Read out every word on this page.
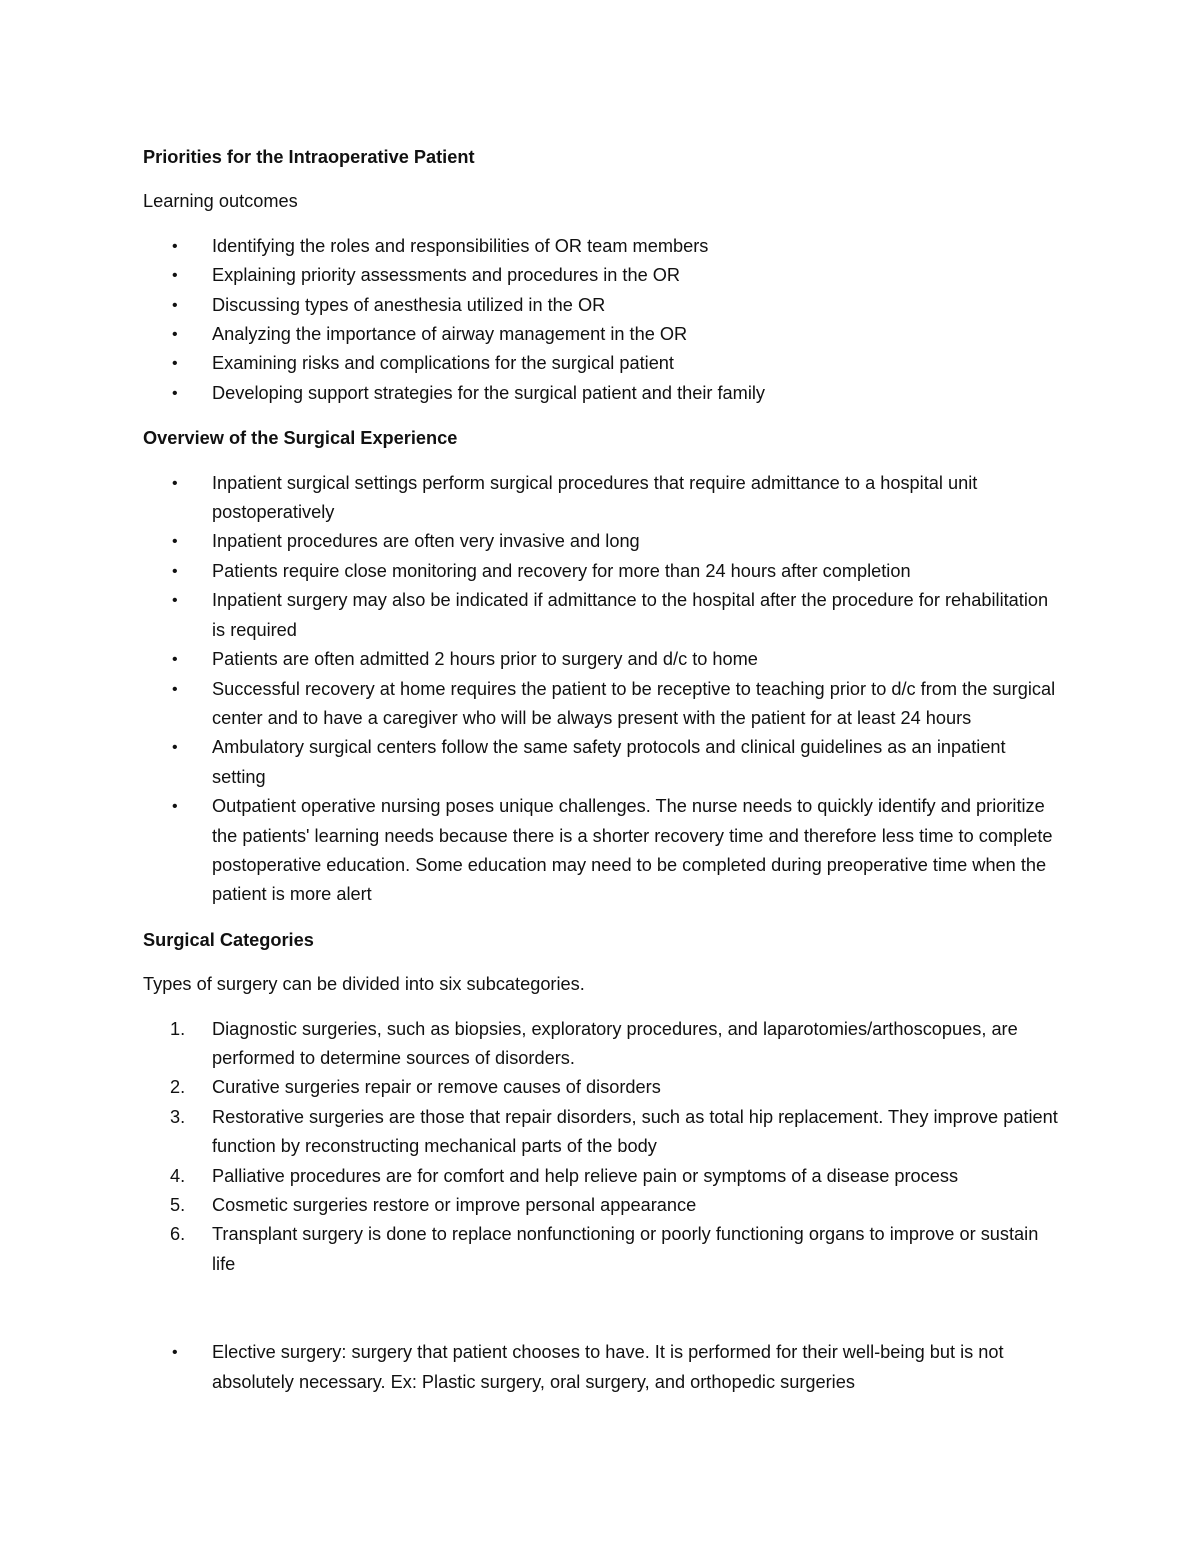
Priorities for the Intraoperative Patient

Learning outcomes

• Identifying the roles and responsibilities of OR team members
• Explaining priority assessments and procedures in the OR
• Discussing types of anesthesia utilized in the OR
• Analyzing the importance of airway management in the OR
• Examining risks and complications for the surgical patient
• Developing support strategies for the surgical patient and their family
Overview of the Surgical Experience
• Inpatient surgical settings perform surgical procedures that require admittance to a hospital unit postoperatively
• Inpatient procedures are often very invasive and long
• Patients require close monitoring and recovery for more than 24 hours after completion
• Inpatient surgery may also be indicated if admittance to the hospital after the procedure for rehabilitation is required
• Patients are often admitted 2 hours prior to surgery and d/c to home
• Successful recovery at home requires the patient to be receptive to teaching prior to d/c from the surgical center and to have a caregiver who will be always present with the patient for at least 24 hours
• Ambulatory surgical centers follow the same safety protocols and clinical guidelines as an inpatient setting
• Outpatient operative nursing poses unique challenges. The nurse needs to quickly identify and prioritize the patients' learning needs because there is a shorter recovery time and therefore less time to complete postoperative education. Some education may need to be completed during preoperative time when the patient is more alert
Surgical Categories

Types of surgery can be divided into six subcategories.

1. Diagnostic surgeries, such as biopsies, exploratory procedures, and laparotomies/arthoscopues, are performed to determine sources of disorders.
2. Curative surgeries repair or remove causes of disorders
3. Restorative surgeries are those that repair disorders, such as total hip replacement. They improve patient function by reconstructing mechanical parts of the body
4. Palliative procedures are for comfort and help relieve pain or symptoms of a disease process
5. Cosmetic surgeries restore or improve personal appearance
6. Transplant surgery is done to replace nonfunctioning or poorly functioning organs to improve or sustain life
• Elective surgery: surgery that patient chooses to have. It is performed for their well-being but is not absolutely necessary. Ex: Plastic surgery, oral surgery, and orthopedic surgeries
